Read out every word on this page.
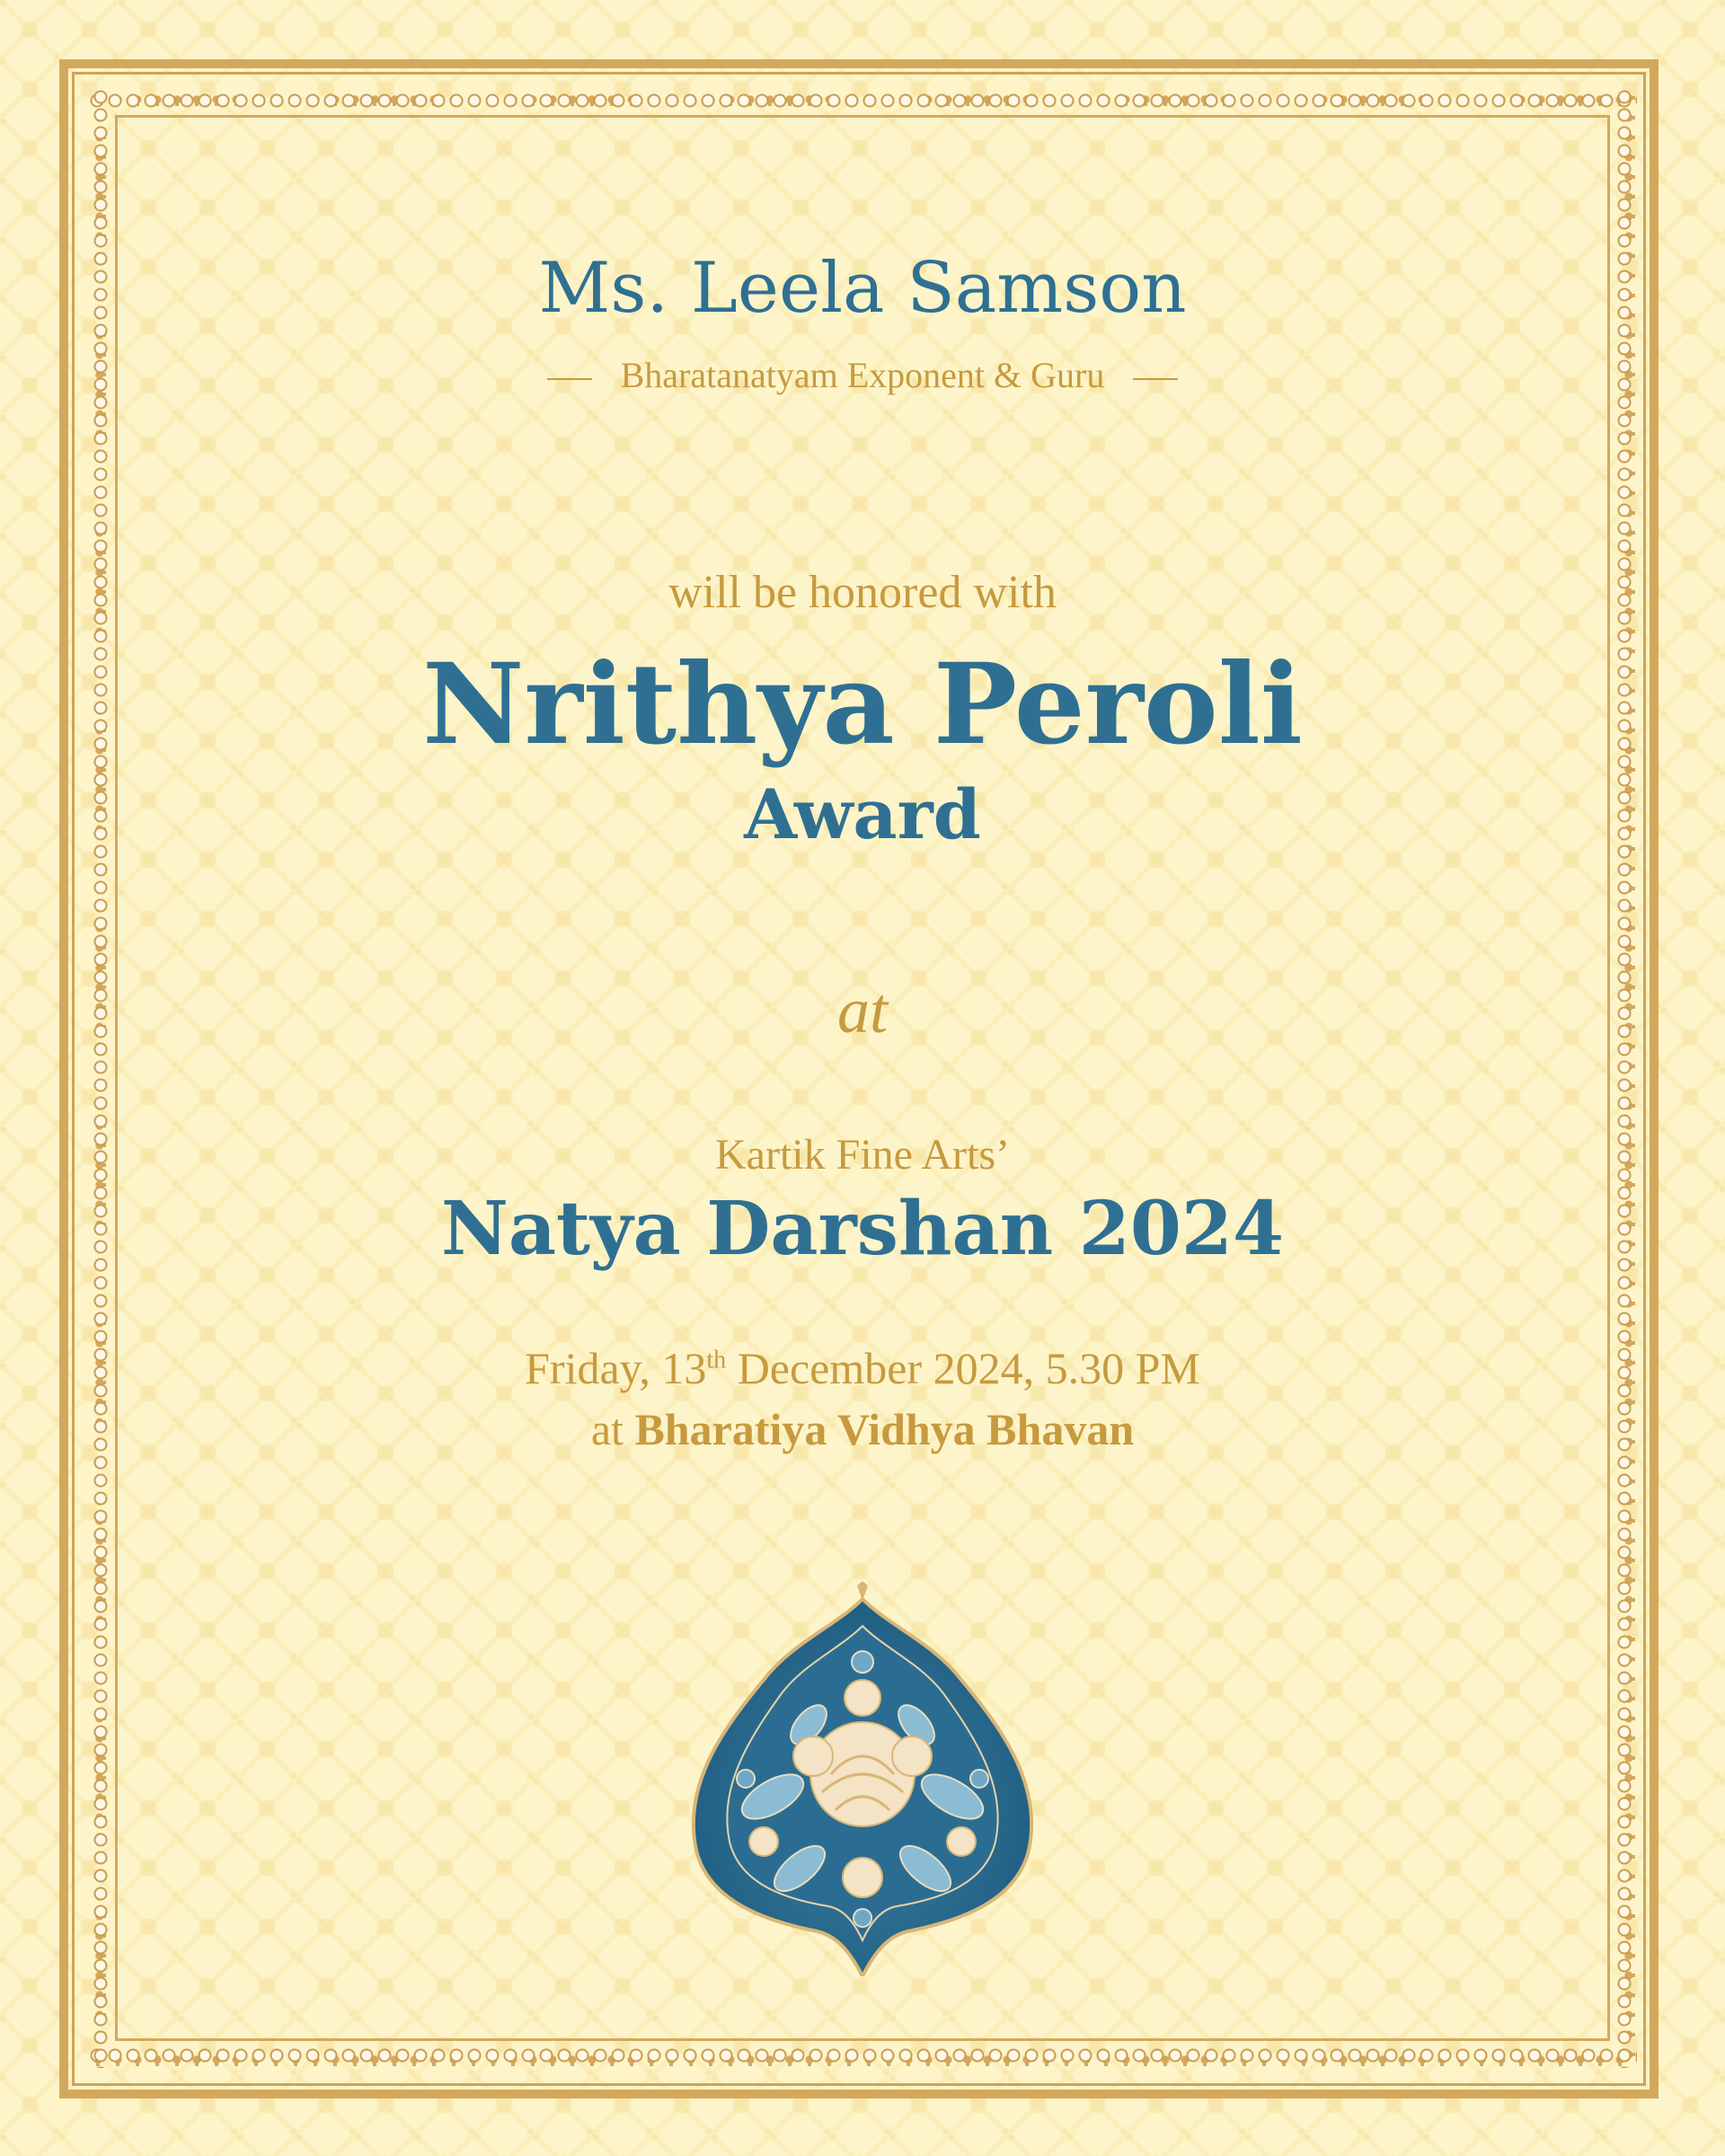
Ms. Leela Samson
Bharatanatyam Exponent & Guru
will be honored with
Nrithya Peroli
Award
at
Kartik Fine Arts’
Natya Darshan 2024
Friday, 13th December 2024, 5.30 PM
at Bharatiya Vidhya Bhavan
